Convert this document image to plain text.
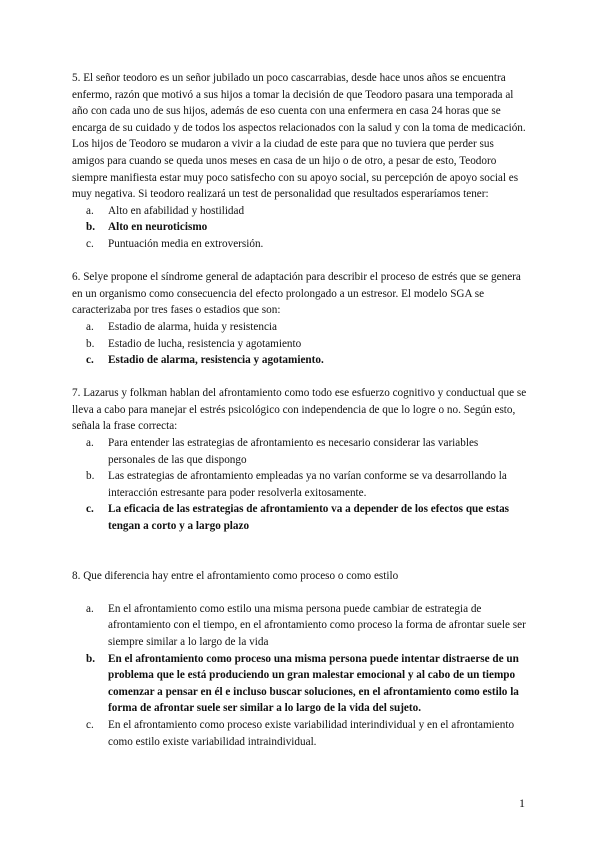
5. El señor teodoro es un señor jubilado un poco cascarrabias, desde hace unos años se encuentra enfermo, razón que motivó a sus hijos a tomar la decisión de que Teodoro pasara una temporada al año con cada uno de sus hijos, además de eso cuenta con una enfermera en casa 24 horas que se encarga de su cuidado y de todos los aspectos relacionados con la salud y con la toma de medicación. Los hijos de Teodoro se mudaron a vivir a la ciudad de este para que no tuviera que perder sus amigos para cuando se queda unos meses en casa de un hijo o de otro, a pesar de esto, Teodoro siempre manifiesta estar muy poco satisfecho con su apoyo social, su percepción de apoyo social es muy negativa. Si teodoro realizará un test de personalidad que resultados esperaríamos tener:

a.	Alto en afabilidad y hostilidad
b.	Alto en neuroticismo
c.	Puntuación media en extroversión.

6. Selye propone el síndrome general de adaptación para describir el proceso de estrés que se genera en un organismo como consecuencia del efecto prolongado a un estresor. El modelo SGA se caracterizaba por tres fases o estadios que son:

a.	Estadio de alarma, huida y resistencia
b.	Estadio de lucha, resistencia y agotamiento
c.	Estadio de alarma, resistencia y agotamiento.

7. Lazarus y folkman hablan del afrontamiento como todo ese esfuerzo cognitivo y conductual que se lleva a cabo para manejar el estrés psicológico con independencia de que lo logre o no. Según esto, señala la frase correcta:

a.	Para entender las estrategias de afrontamiento es necesario considerar las variables personales de las que dispongo
b.	Las estrategias de afrontamiento empleadas ya no varían conforme se va desarrollando la interacción estresante para poder resolverla exitosamente.
c.	La eficacia de las estrategias de afrontamiento va a depender de los efectos que estas tengan a corto y a largo plazo

8. Que diferencia hay entre el afrontamiento como proceso o como estilo

a.	En el afrontamiento como estilo una misma persona puede cambiar de estrategia de afrontamiento con el tiempo, en el afrontamiento como proceso la forma de afrontar suele ser siempre similar a lo largo de la vida
b.	En el afrontamiento como proceso una misma persona puede intentar distraerse de un problema que le está produciendo un gran malestar emocional y al cabo de un tiempo comenzar a pensar en él e incluso buscar soluciones, en el afrontamiento como estilo la forma de afrontar suele ser similar a lo largo de la vida del sujeto.
c.	En el afrontamiento como proceso existe variabilidad interindividual y en el afrontamiento como estilo existe variabilidad intraindividual.
1
